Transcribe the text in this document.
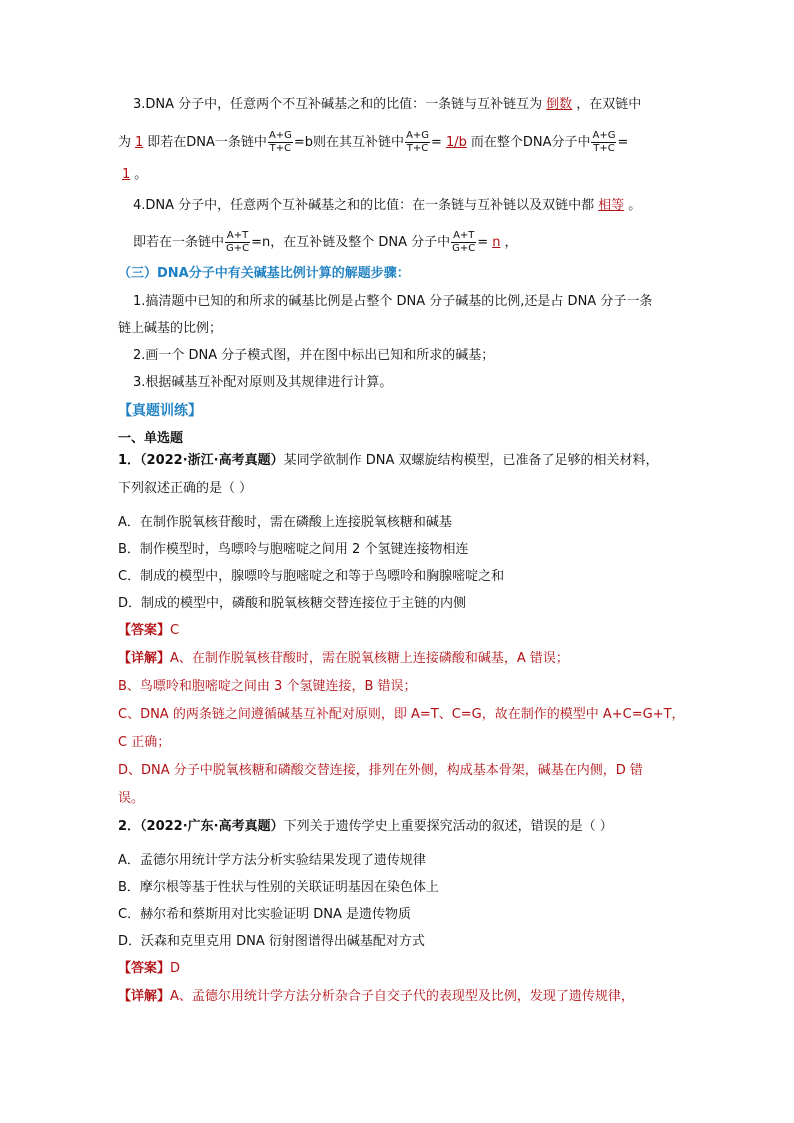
3.DNA 分子中，任意两个不互补碱基之和的比值：一条链与互补链互为 倒数 ，在双链中
为 1 即若在DNA一条链中 $\frac{A+G}{T+C} =b$则在其互补链中 $\frac{A+G}{T+C} = 1/b$ 而在整个DNA分子中 $\frac{A+G}{T+C}$ =
1 。
4.DNA 分子中，任意两个互补碱基之和的比值：在一条链与互补链以及双链中都 相等 。
即若在一条链中 $\frac{A+T}{G+C} =n$，在互补链及整个 DNA 分子中 $\frac{A+T}{G+C} = n$ ，
（三）DNA分子中有关碱基比例计算的解题步骤：
1.搞清题中已知的和所求的碱基比例是占整个 DNA 分子碱基的比例,还是占 DNA 分子一条
链上碱基的比例；
2.画一个 DNA 分子模式图，并在图中标出已知和所求的碱基；
3.根据碱基互补配对原则及其规律进行计算。
【真题训练】
一、单选题
1．（2022·浙江·高考真题）某同学欲制作 DNA 双螺旋结构模型，已准备了足够的相关材料，
下列叙述正确的是（ ）
A．在制作脱氧核苷酸时，需在磷酸上连接脱氧核糖和碱基
B．制作模型时，鸟嘌呤与胞嘧啶之间用 2 个氢键连接物相连
C．制成的模型中，腺嘌呤与胞嘧啶之和等于鸟嘌呤和胸腺嘧啶之和
D．制成的模型中，磷酸和脱氧核糖交替连接位于主链的内侧
【答案】C
【详解】A、在制作脱氧核苷酸时，需在脱氧核糖上连接磷酸和碱基，A 错误；
B、鸟嘌呤和胞嘧啶之间由 3 个氢键连接，B 错误；
C、DNA 的两条链之间遵循碱基互补配对原则，即 A=T、C=G，故在制作的模型中 A+C=G+T，
C 正确；
D、DNA 分子中脱氧核糖和磷酸交替连接，排列在外侧，构成基本骨架，碱基在内侧，D 错
误。
2．（2022·广东·高考真题）下列关于遗传学史上重要探究活动的叙述，错误的是（ ）
A．孟德尔用统计学方法分析实验结果发现了遗传规律
B．摩尔根等基于性状与性别的关联证明基因在染色体上
C．赫尔希和蔡斯用对比实验证明 DNA 是遗传物质
D．沃森和克里克用 DNA 衍射图谱得出碱基配对方式
【答案】D
【详解】A、孟德尔用统计学方法分析杂合子自交子代的表现型及比例，发现了遗传规律，
